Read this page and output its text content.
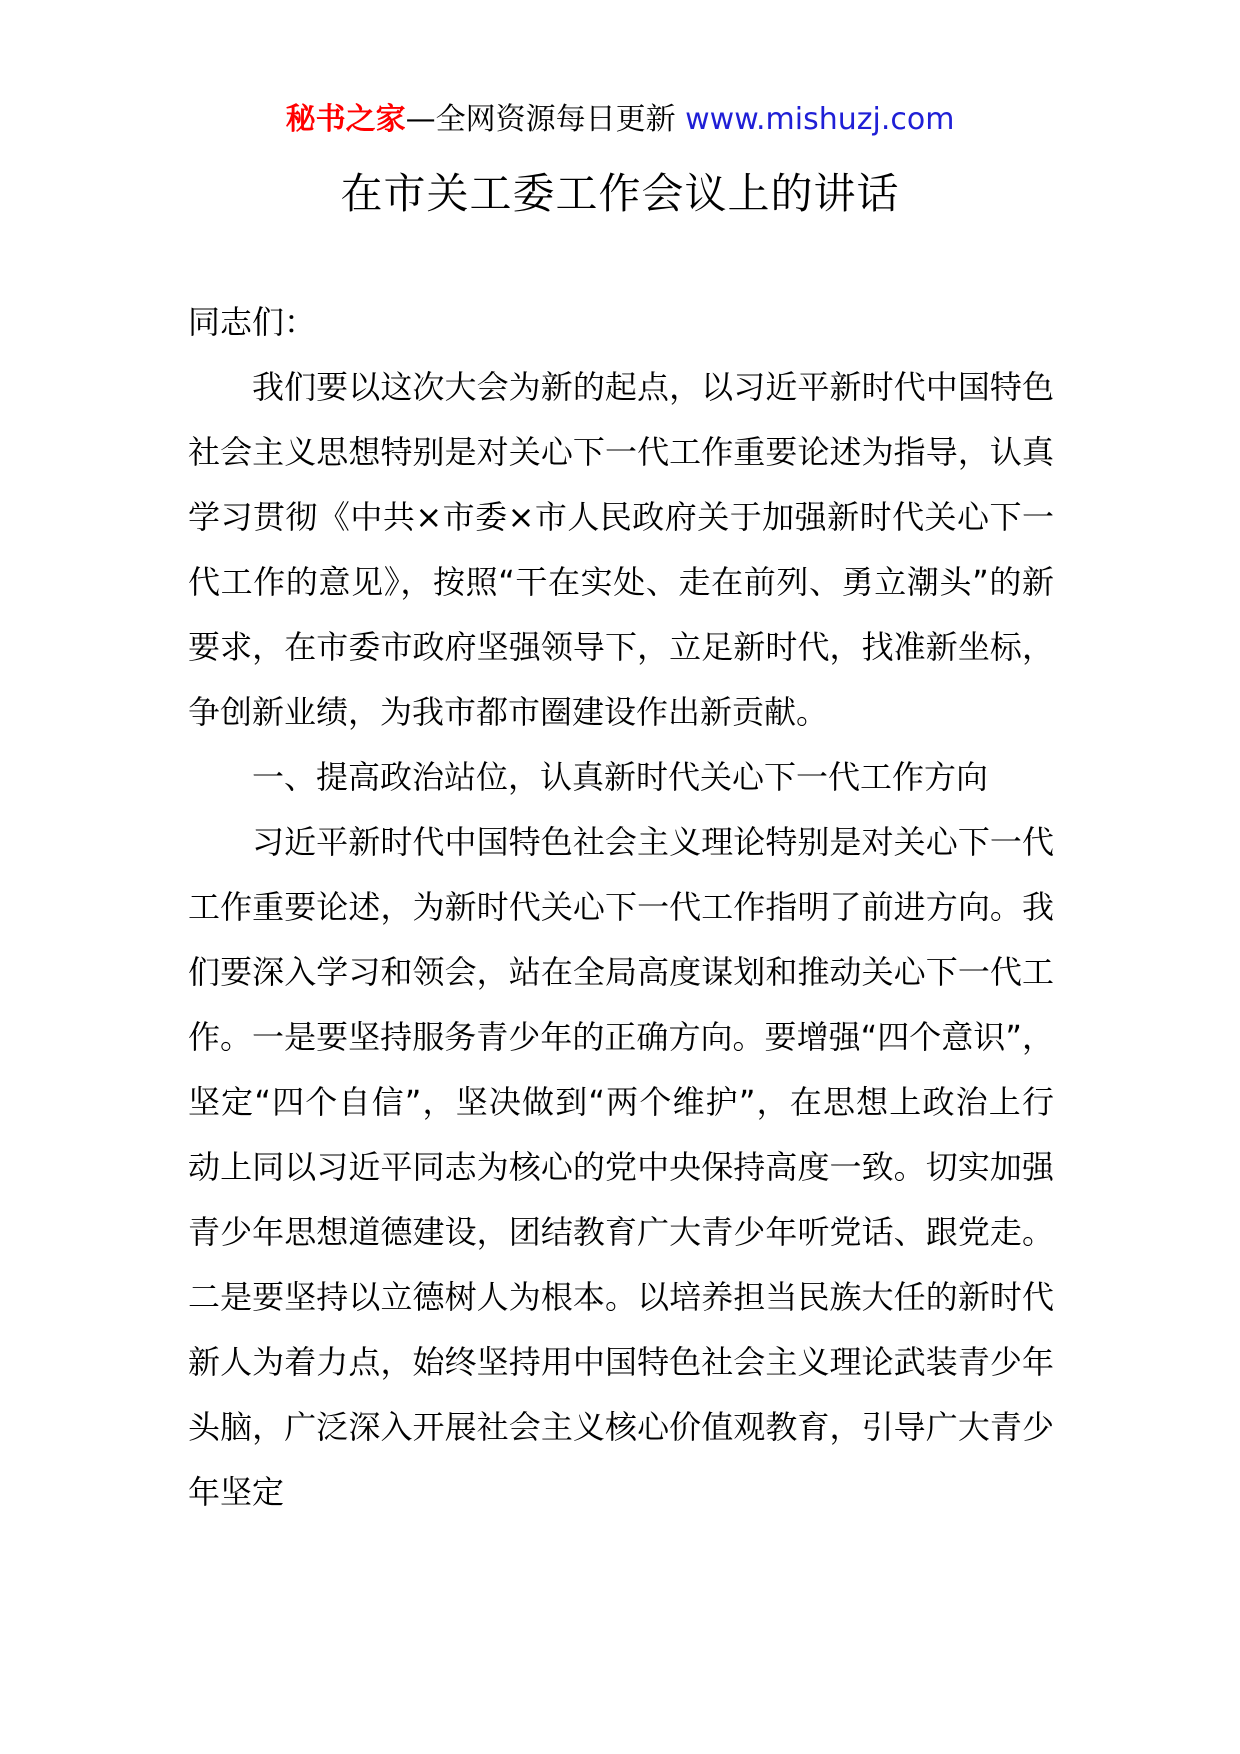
秘书之家—全网资源每日更新 www.mishuzj.com
在市关工委工作会议上的讲话

同志们：

我们要以这次大会为新的起点，以习近平新时代中国特色社会主义思想特别是对关心下一代工作重要论述为指导，认真学习贯彻《中共×市委×市人民政府关于加强新时代关心下一代工作的意见》，按照“干在实处、走在前列、勇立潮头”的新要求，在市委市政府坚强领导下，立足新时代，找准新坐标，争创新业绩，为我市都市圈建设作出新贡献。

一、提高政治站位，认真新时代关心下一代工作方向

习近平新时代中国特色社会主义理论特别是对关心下一代工作重要论述，为新时代关心下一代工作指明了前进方向。我们要深入学习和领会，站在全局高度谋划和推动关心下一代工作。一是要坚持服务青少年的正确方向。要增强“四个意识”，坚定“四个自信”，坚决做到“两个维护”，在思想上政治上行动上同以习近平同志为核心的党中央保持高度一致。切实加强青少年思想道德建设，团结教育广大青少年听党话、跟党走。二是要坚持以立德树人为根本。以培养担当民族大任的新时代新人为着力点，始终坚持用中国特色社会主义理论武装青少年头脑，广泛深入开展社会主义核心价值观教育，引导广大青少年坚定
